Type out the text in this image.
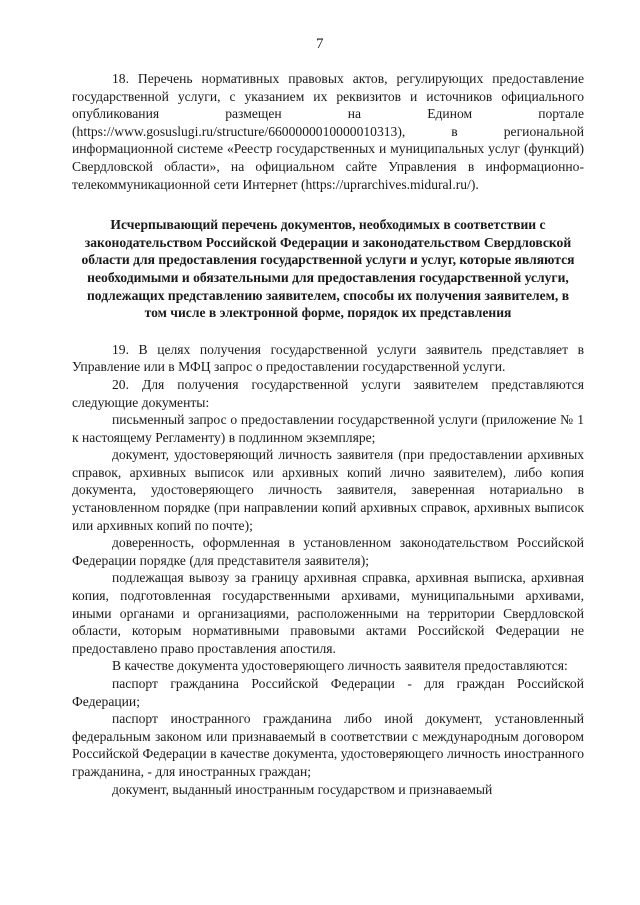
7

18. Перечень нормативных правовых актов, регулирующих предоставление государственной услуги, с указанием их реквизитов и источников официального опубликования размещен на Едином портале (https://www.gosuslugi.ru/structure/6600000010000010313), в региональной информационной системе «Реестр государственных и муниципальных услуг (функций) Свердловской области», на официальном сайте Управления в информационно-телекоммуникационной сети Интернет (https://uprarchives.midural.ru/).

Исчерпывающий перечень документов, необходимых в соответствии с законодательством Российской Федерации и законодательством Свердловской области для предоставления государственной услуги и услуг, которые являются необходимыми и обязательными для предоставления государственной услуги, подлежащих представлению заявителем, способы их получения заявителем, в том числе в электронной форме, порядок их представления

19. В целях получения государственной услуги заявитель представляет в Управление или в МФЦ запрос о предоставлении государственной услуги.

20. Для получения государственной услуги заявителем представляются следующие документы:

письменный запрос о предоставлении государственной услуги (приложение № 1 к настоящему Регламенту) в подлинном экземпляре;

документ, удостоверяющий личность заявителя (при предоставлении архивных справок, архивных выписок или архивных копий лично заявителем), либо копия документа, удостоверяющего личность заявителя, заверенная нотариально в установленном порядке (при направлении копий архивных справок, архивных выписок или архивных копий по почте);

доверенность, оформленная в установленном законодательством Российской Федерации порядке (для представителя заявителя);

подлежащая вывозу за границу архивная справка, архивная выписка, архивная копия, подготовленная государственными архивами, муниципальными архивами, иными органами и организациями, расположенными на территории Свердловской области, которым нормативными правовыми актами Российской Федерации не предоставлено право проставления апостиля.

В качестве документа удостоверяющего личность заявителя предоставляются:

паспорт гражданина Российской Федерации - для граждан Российской Федерации;

паспорт иностранного гражданина либо иной документ, установленный федеральным законом или признаваемый в соответствии с международным договором Российской Федерации в качестве документа, удостоверяющего личность иностранного гражданина, - для иностранных граждан;

документ, выданный иностранным государством и признаваемый
